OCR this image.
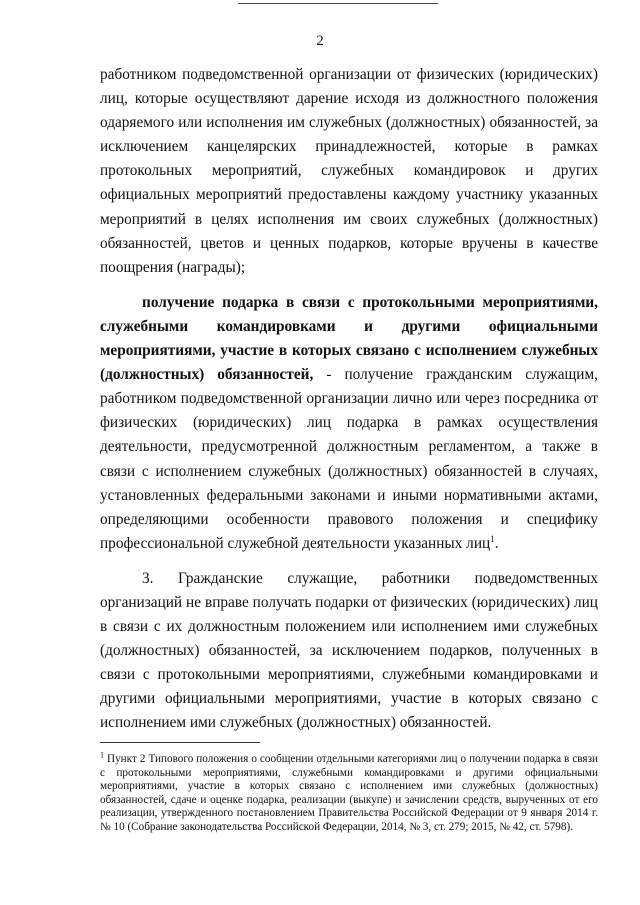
2

работником подведомственной организации от физических (юридических) лиц, которые осуществляют дарение исходя из должностного положения одаряемого или исполнения им служебных (должностных) обязанностей, за исключением канцелярских принадлежностей, которые в рамках протокольных мероприятий, служебных командировок и других официальных мероприятий предоставлены каждому участнику указанных мероприятий в целях исполнения им своих служебных (должностных) обязанностей, цветов и ценных подарков, которые вручены в качестве поощрения (награды);

получение подарка в связи с протокольными мероприятиями, служебными командировками и другими официальными мероприятиями, участие в которых связано с исполнением служебных (должностных) обязанностей, - получение гражданским служащим, работником подведомственной организации лично или через посредника от физических (юридических) лиц подарка в рамках осуществления деятельности, предусмотренной должностным регламентом, а также в связи с исполнением служебных (должностных) обязанностей в случаях, установленных федеральными законами и иными нормативными актами, определяющими особенности правового положения и специфику профессиональной служебной деятельности указанных лиц$^1$.

3. Гражданские служащие, работники подведомственных организаций не вправе получать подарки от физических (юридических) лиц в связи с их должностным положением или исполнением ими служебных (должностных) обязанностей, за исключением подарков, полученных в связи с протокольными мероприятиями, служебными командировками и другими официальными мероприятиями, участие в которых связано с исполнением ими служебных (должностных) обязанностей.

$^1$ Пункт 2 Типового положения о сообщении отдельными категориями лиц о получении подарка в связи с протокольными мероприятиями, служебными командировками и другими официальными мероприятиями, участие в которых связано с исполнением ими служебных (должностных) обязанностей, сдаче и оценке подарка, реализации (выкупе) и зачислении средств, вырученных от его реализации, утвержденного постановлением Правительства Российской Федерации от 9 января 2014 г. № 10 (Собрание законодательства Российской Федерации, 2014, № 3, ст. 279; 2015, № 42, ст. 5798).
